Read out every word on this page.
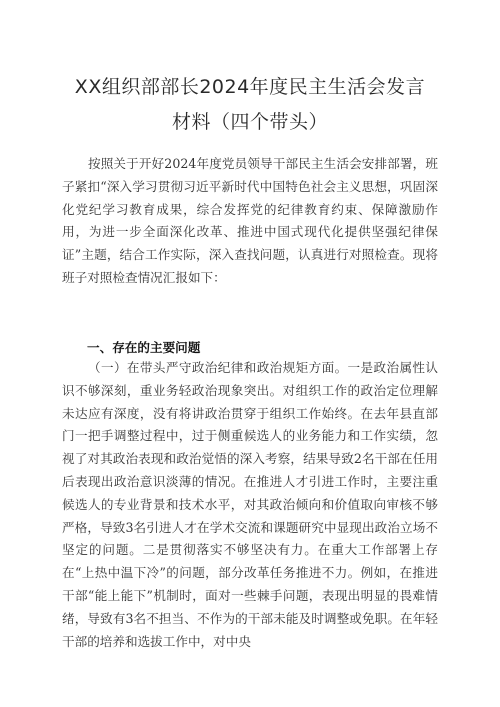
XX组织部部长2024年度民主生活会发言
材料（四个带头）

按照关于开好2024年度党员领导干部民主生活会安排部署，班子紧扣“深入学习贯彻习近平新时代中国特色社会主义思想，巩固深化党纪学习教育成果，综合发挥党的纪律教育约束、保障激励作用，为进一步全面深化改革、推进中国式现代化提供坚强纪律保证”主题，结合工作实际，深入查找问题，认真进行对照检查。现将班子对照检查情况汇报如下：

一、存在的主要问题

（一）在带头严守政治纪律和政治规矩方面。一是政治属性认识不够深刻，重业务轻政治现象突出。对组织工作的政治定位理解未达应有深度，没有将讲政治贯穿于组织工作始终。在去年县直部门一把手调整过程中，过于侧重候选人的业务能力和工作实绩，忽视了对其政治表现和政治觉悟的深入考察，结果导致2名干部在任用后表现出政治意识淡薄的情况。在推进人才引进工作时，主要注重候选人的专业背景和技术水平，对其政治倾向和价值取向审核不够严格，导致3名引进人才在学术交流和课题研究中显现出政治立场不坚定的问题。二是贯彻落实不够坚决有力。在重大工作部署上存在“上热中温下冷”的问题，部分改革任务推进不力。例如，在推进干部“能上能下”机制时，面对一些棘手问题，表现出明显的畏难情绪，导致有3名不担当、不作为的干部未能及时调整或免职。在年轻干部的培养和选拔工作中，对中央
